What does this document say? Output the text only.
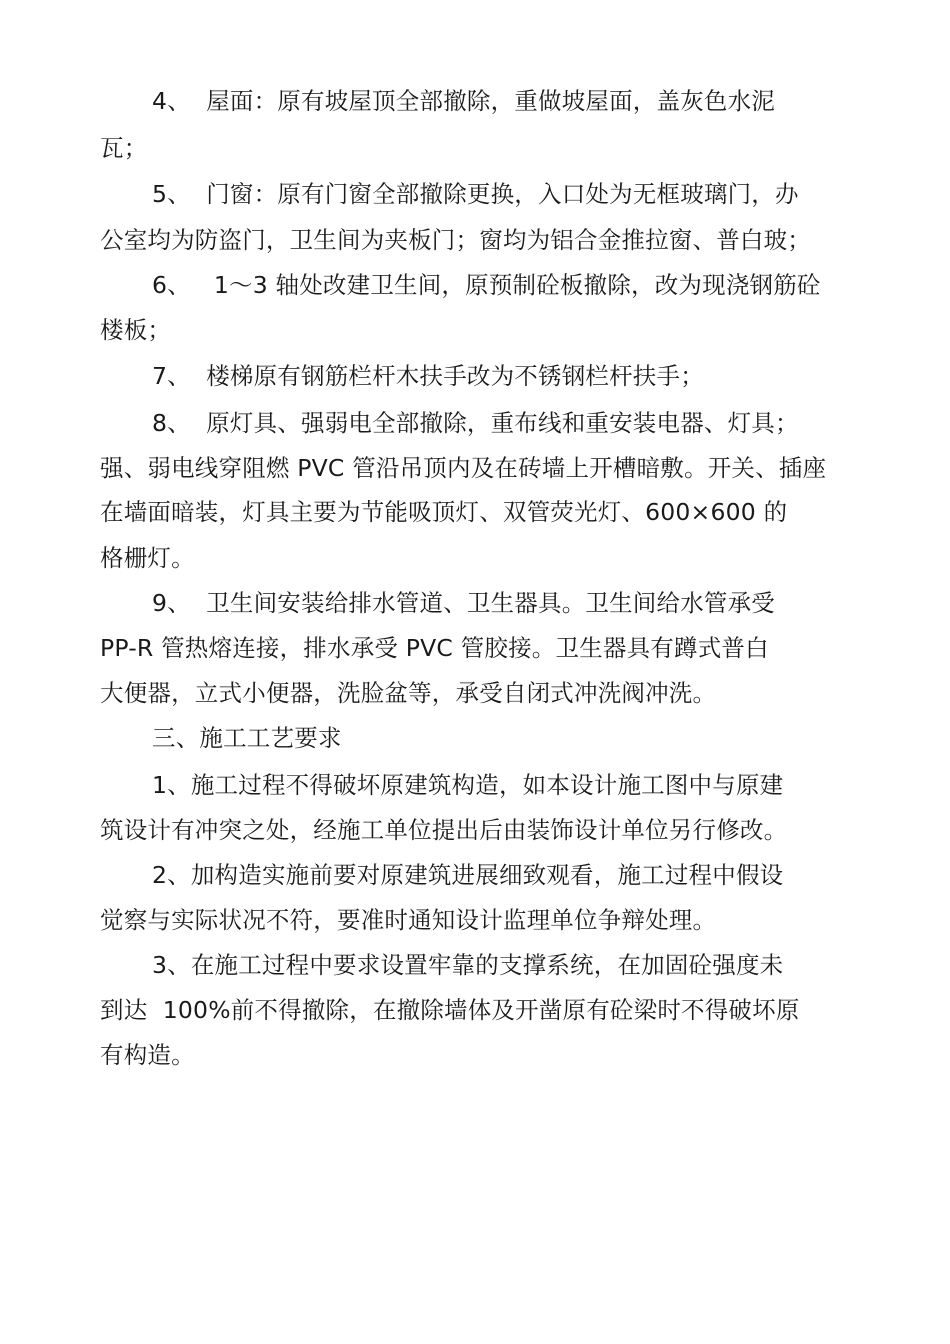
4、  屋面：原有坡屋顶全部撤除，重做坡屋面，盖灰色水泥
瓦；
5、  门窗：原有门窗全部撤除更换，入口处为无框玻璃门，办
公室均为防盗门，卫生间为夹板门；窗均为铝合金推拉窗、普白玻；
6、   1～3 轴处改建卫生间，原预制砼板撤除，改为现浇钢筋砼
楼板；
7、  楼梯原有钢筋栏杆木扶手改为不锈钢栏杆扶手；
8、  原灯具、强弱电全部撤除，重布线和重安装电器、灯具；
强、弱电线穿阻燃 PVC 管沿吊顶内及在砖墙上开槽暗敷。开关、插座
在墙面暗装，灯具主要为节能吸顶灯、双管荧光灯、600×600 的
格栅灯。
9、  卫生间安装给排水管道、卫生器具。卫生间给水管承受
PP-R 管热熔连接，排水承受 PVC 管胶接。卫生器具有蹲式普白
大便器，立式小便器，洗脸盆等，承受自闭式冲洗阀冲洗。
三、施工工艺要求
1、施工过程不得破坏原建筑构造，如本设计施工图中与原建
筑设计有冲突之处，经施工单位提出后由装饰设计单位另行修改。
2、加构造实施前要对原建筑进展细致观看，施工过程中假设
觉察与实际状况不符，要准时通知设计监理单位争辩处理。
3、在施工过程中要求设置牢靠的支撑系统，在加固砼强度未
到达  100%前不得撤除，在撤除墙体及开凿原有砼梁时不得破坏原
有构造。
